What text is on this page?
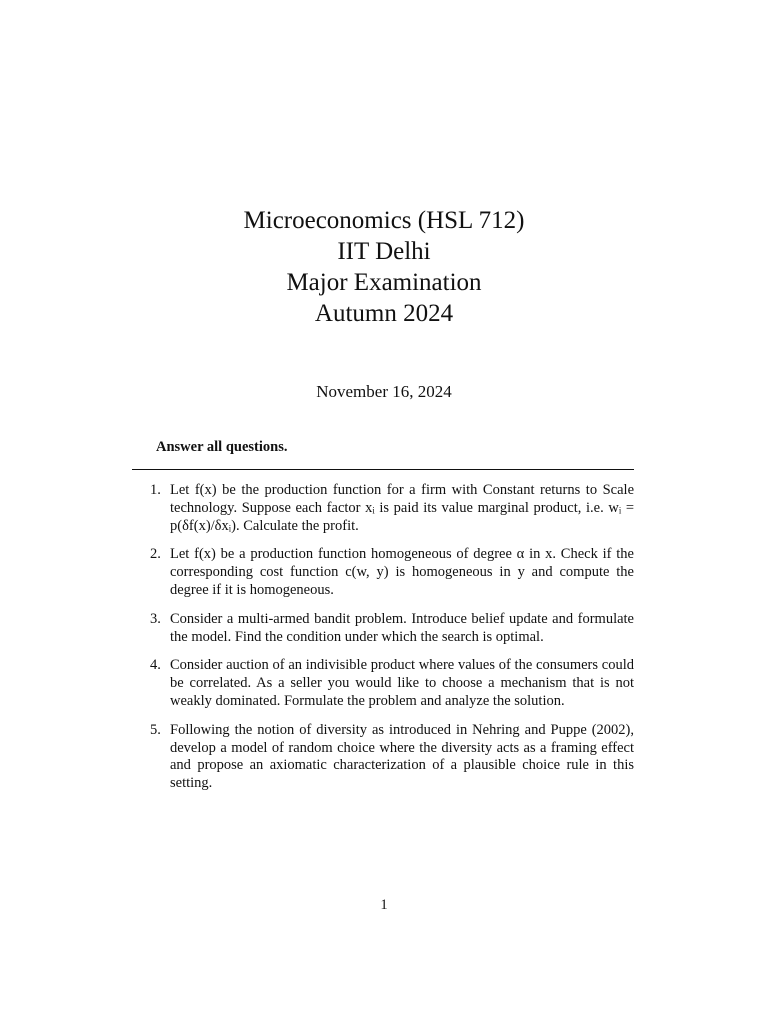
Microeconomics (HSL 712)

IIT Delhi

Major Examination

Autumn 2024

November 16, 2024
Answer all questions.
1. Let f(x) be the production function for a firm with Constant returns to Scale technology. Suppose each factor xᵢ is paid its value marginal product, i.e. wᵢ = p(δf(x)/δxᵢ). Calculate the profit.
2. Let f(x) be a production function homogeneous of degree α in x. Check if the corresponding cost function c(w, y) is homogeneous in y and compute the degree if it is homogeneous.
3. Consider a multi-armed bandit problem. Introduce belief update and formulate the model. Find the condition under which the search is optimal.
4. Consider auction of an indivisible product where values of the consumers could be correlated. As a seller you would like to choose a mechanism that is not weakly dominated. Formulate the problem and analyze the solution.
5. Following the notion of diversity as introduced in Nehring and Puppe (2002), develop a model of random choice where the diversity acts as a framing effect and propose an axiomatic characterization of a plausible choice rule in this setting.
1
